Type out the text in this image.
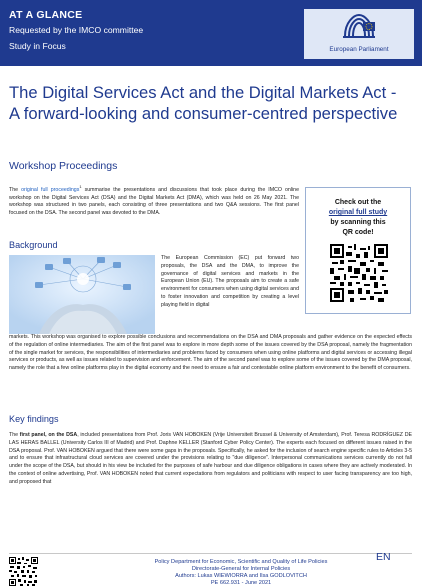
AT A GLANCE
Requested by the IMCO committee
Study in Focus	European Parliament
The Digital Services Act and the Digital Markets Act - A forward-looking and consumer-centred perspective
Workshop Proceedings

The original full proceedings$^1$ summarise the presentations and discussions that took place during the IMCO online workshop on the Digital Services Act (DSA) and the Digital Markets Act (DMA), which was held on 26 May 2021. The workshop was structured in two panels, each consisting of three presentations and two Q&A sessions. The first panel focused on the DSA. The second panel was devoted to the DMA.

Check out the
original full study
by scanning this
QR code!
Background

The European Commission (EC) put forward two proposals, the DSA and the DMA, to improve the governance of digital services and markets in the European Union (EU). The proposals aim to create a safe environment for consumers when using digital services and to foster innovation and competition by creating a level playing field in digital

markets. This workshop was organised to explore possible conclusions and recommendations on the DSA and DMA proposals and gather evidence on the expected effects of the regulation of online intermediaries. The aim of the first panel was to explore in more depth some of the issues covered by the DSA proposal, namely the fragmentation of the single market for services, the responsibilities of intermediaries and problems faced by consumers when using online platforms and digital services or accessing illegal services or products, as well as issues related to supervision and enforcement. The aim of the second panel was to explore some of the issues covered by the DMA proposal, namely the role that a few online platforms play in the digital economy and the need to ensure a fair and contestable online platform environment to the benefit of consumers.

Key findings

The first panel, on the DSA, included presentations from Prof. Joris VAN HOBOKEN (Vrije Universiteit Brussel & University of Amsterdam), Prof. Teresa RODRÍGUEZ DE LAS HERAS BALLEL (University Carlos III of Madrid) and Prof. Daphne KELLER (Stanford Cyber Policy Center). The experts each focused on different issues raised in the DSA proposal. Prof. VAN HOBOKEN argued that there were some gaps in the proposals. Specifically, he asked for the inclusion of search engine specific rules to Articles 3-5 and to ensure that infrastructural cloud services are covered under the provisions relating to "due diligence". Interpersonal communications services currently do not fall under the scope of the DSA, but should in his view be included for the purposes of safe harbour and due diligence obligations in cases where they are actively moderated. In the context of online advertising, Prof. VAN HOBOKEN noted that current expectations from regulators and politicians with respect to user facing transparency are too high, and proposed that

Policy Department for Economic, Scientific and Quality of Life Policies
Directorate-General for Internal Policies
Authors: Lukas WIEWIORRA and Ilsa GODLOVITCH
PE 662.931 - June 2021
EN
